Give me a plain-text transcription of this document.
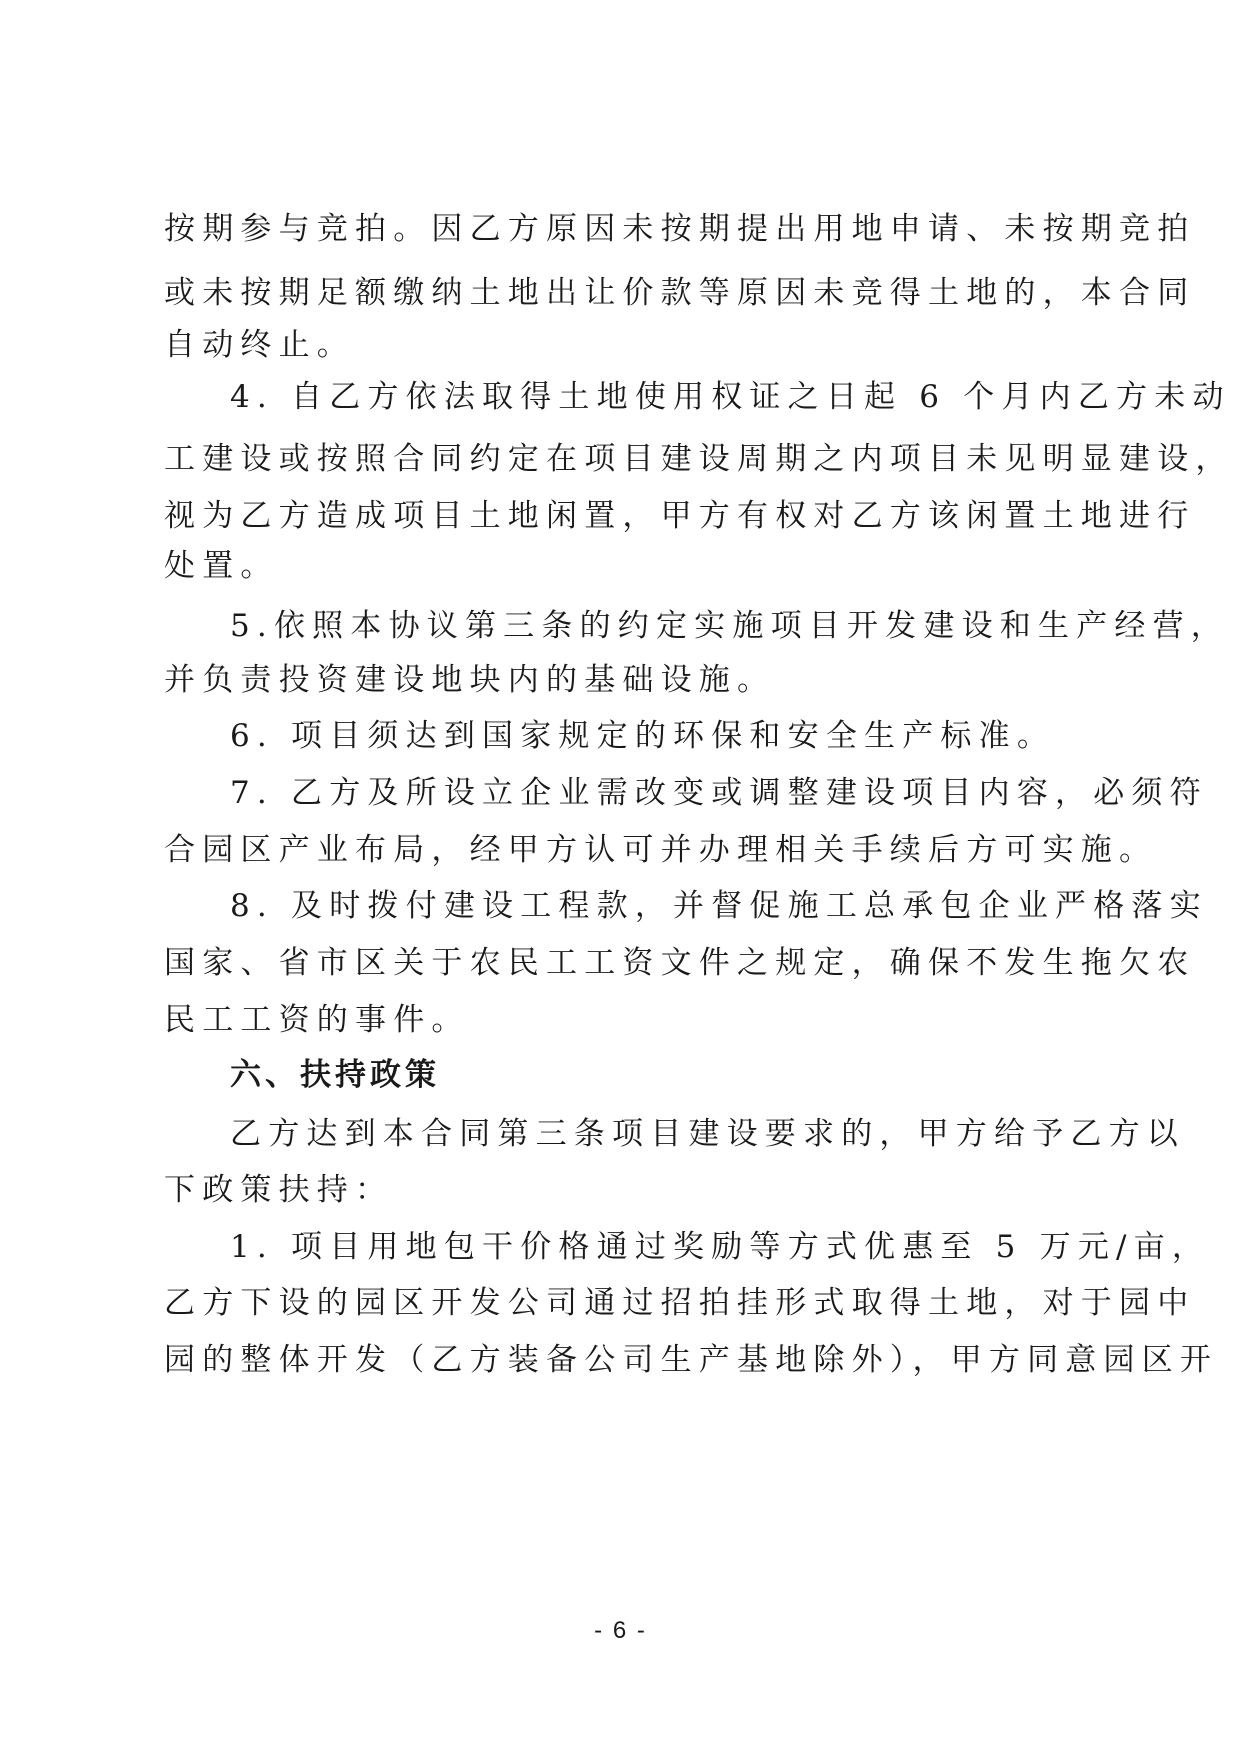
按期参与竞拍。因乙方原因未按期提出用地申请、未按期竞拍
或未按期足额缴纳土地出让价款等原因未竞得土地的，本合同
自动终止。
4. 自乙方依法取得土地使用权证之日起 6 个月内乙方未动
工建设或按照合同约定在项目建设周期之内项目未见明显建设，
视为乙方造成项目土地闲置，甲方有权对乙方该闲置土地进行
处置。
5.依照本协议第三条的约定实施项目开发建设和生产经营，
并负责投资建设地块内的基础设施。
6. 项目须达到国家规定的环保和安全生产标准。
7. 乙方及所设立企业需改变或调整建设项目内容，必须符
合园区产业布局，经甲方认可并办理相关手续后方可实施。
8. 及时拨付建设工程款，并督促施工总承包企业严格落实
国家、省市区关于农民工工资文件之规定，确保不发生拖欠农
民工工资的事件。
六、扶持政策
乙方达到本合同第三条项目建设要求的，甲方给予乙方以
下政策扶持：
1. 项目用地包干价格通过奖励等方式优惠至 5 万元/亩，
乙方下设的园区开发公司通过招拍挂形式取得土地，对于园中
园的整体开发（乙方装备公司生产基地除外），甲方同意园区开
- 6 -
